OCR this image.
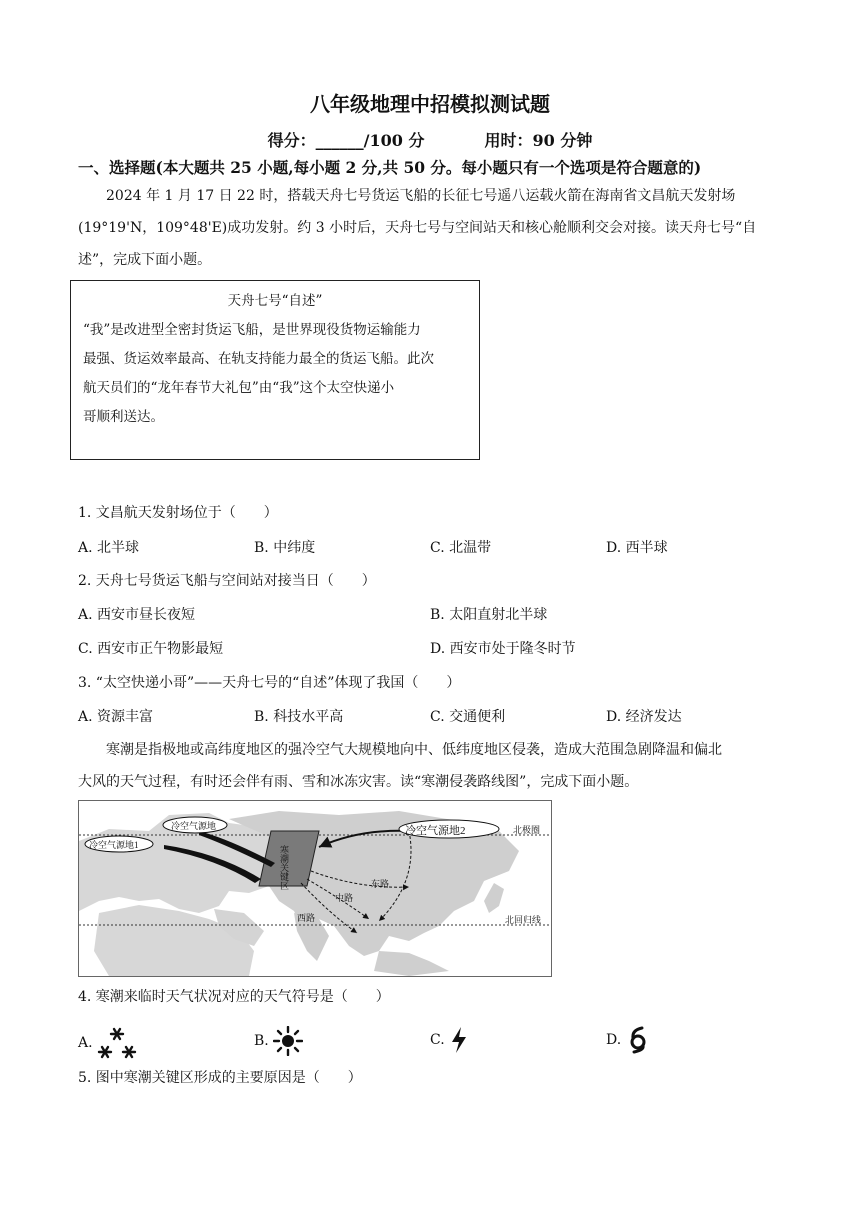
八年级地理中招模拟测试题
得分：______/100 分	用时：90 分钟
一、选择题(本大题共 25 小题,每小题 2 分,共 50 分。每小题只有一个选项是符合题意的)
2024 年 1 月 17 日 22 时，搭载天舟七号货运飞船的长征七号遥八运载火箭在海南省文昌航天发射场
(19°19'N，109°48'E)成功发射。约 3 小时后，天舟七号与空间站天和核心舱顺利交会对接。读天舟七号“自
述”，完成下面小题。
天舟七号“自述”
“我”是改进型全密封货运飞船，是世界现役货物运输能力
最强、货运效率最高、在轨支持能力最全的货运飞船。此次
航天员们的“龙年春节大礼包”由“我”这个太空快递小
哥顺利送达。
1. 文昌航天发射场位于（　　）
A. 北半球	B. 中纬度	C. 北温带	D. 西半球
2. 天舟七号货运飞船与空间站对接当日（　　）
A. 西安市昼长夜短	B. 太阳直射北半球
C. 西安市正午物影最短	D. 西安市处于隆冬时节
3. “太空快递小哥”——天舟七号的“自述”体现了我国（　　）
A. 资源丰富	B. 科技水平高	C. 交通便利	D. 经济发达
寒潮是指极地或高纬度地区的强冷空气大规模地向中、低纬度地区侵袭，造成大范围急剧降温和偏北
大风的天气过程，有时还会伴有雨、雪和冰冻灾害。读“寒潮侵袭路线图”，完成下面小题。
北极圈
北回归线
寒潮关键区	东路
中路
西路
冷空气源地1
冷空气源地	冷空气源地2
4. 寒潮来临时天气状况对应的天气符号是（　　）
A.	B.	C.	D.
5. 图中寒潮关键区形成的主要原因是（　　）
